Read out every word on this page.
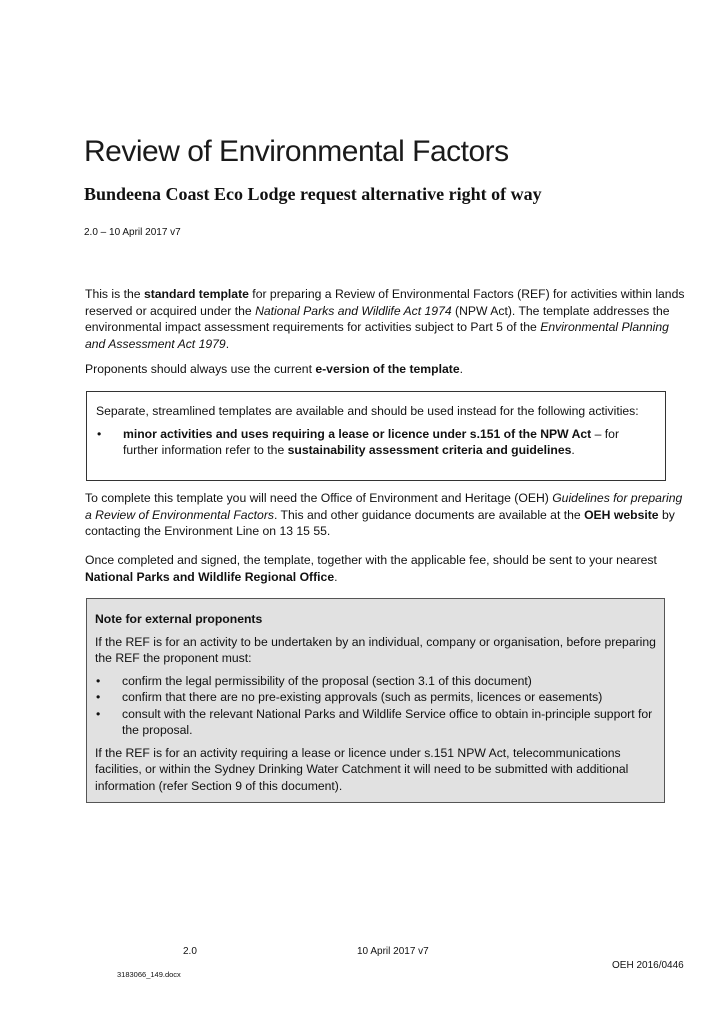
Review of Environmental Factors
Bundeena Coast Eco Lodge request alternative right of way
2.0 – 10 April 2017 v7
This is the standard template for preparing a Review of Environmental Factors (REF) for activities within lands reserved or acquired under the National Parks and Wildlife Act 1974 (NPW Act). The template addresses the environmental impact assessment requirements for activities subject to Part 5 of the Environmental Planning and Assessment Act 1979.
Proponents should always use the current e-version of the template.
Separate, streamlined templates are available and should be used instead for the following activities:
•	minor activities and uses requiring a lease or licence under s.151 of the NPW Act – for further information refer to the sustainability assessment criteria and guidelines.
To complete this template you will need the Office of Environment and Heritage (OEH) Guidelines for preparing a Review of Environmental Factors. This and other guidance documents are available at the OEH website by contacting the Environment Line on 13 15 55.
Once completed and signed, the template, together with the applicable fee, should be sent to your nearest National Parks and Wildlife Regional Office.
Note for external proponents
If the REF is for an activity to be undertaken by an individual, company or organisation, before preparing the REF the proponent must:
•	confirm the legal permissibility of the proposal (section 3.1 of this document)
•	confirm that there are no pre-existing approvals (such as permits, licences or easements)
•	consult with the relevant National Parks and Wildlife Service office to obtain in-principle support for the proposal.
If the REF is for an activity requiring a lease or licence under s.151 NPW Act, telecommunications facilities, or within the Sydney Drinking Water Catchment it will need to be submitted with additional information (refer Section 9 of this document).
2.0	10 April 2017 v7
OEH 2016/0446
3183066_149.docx
